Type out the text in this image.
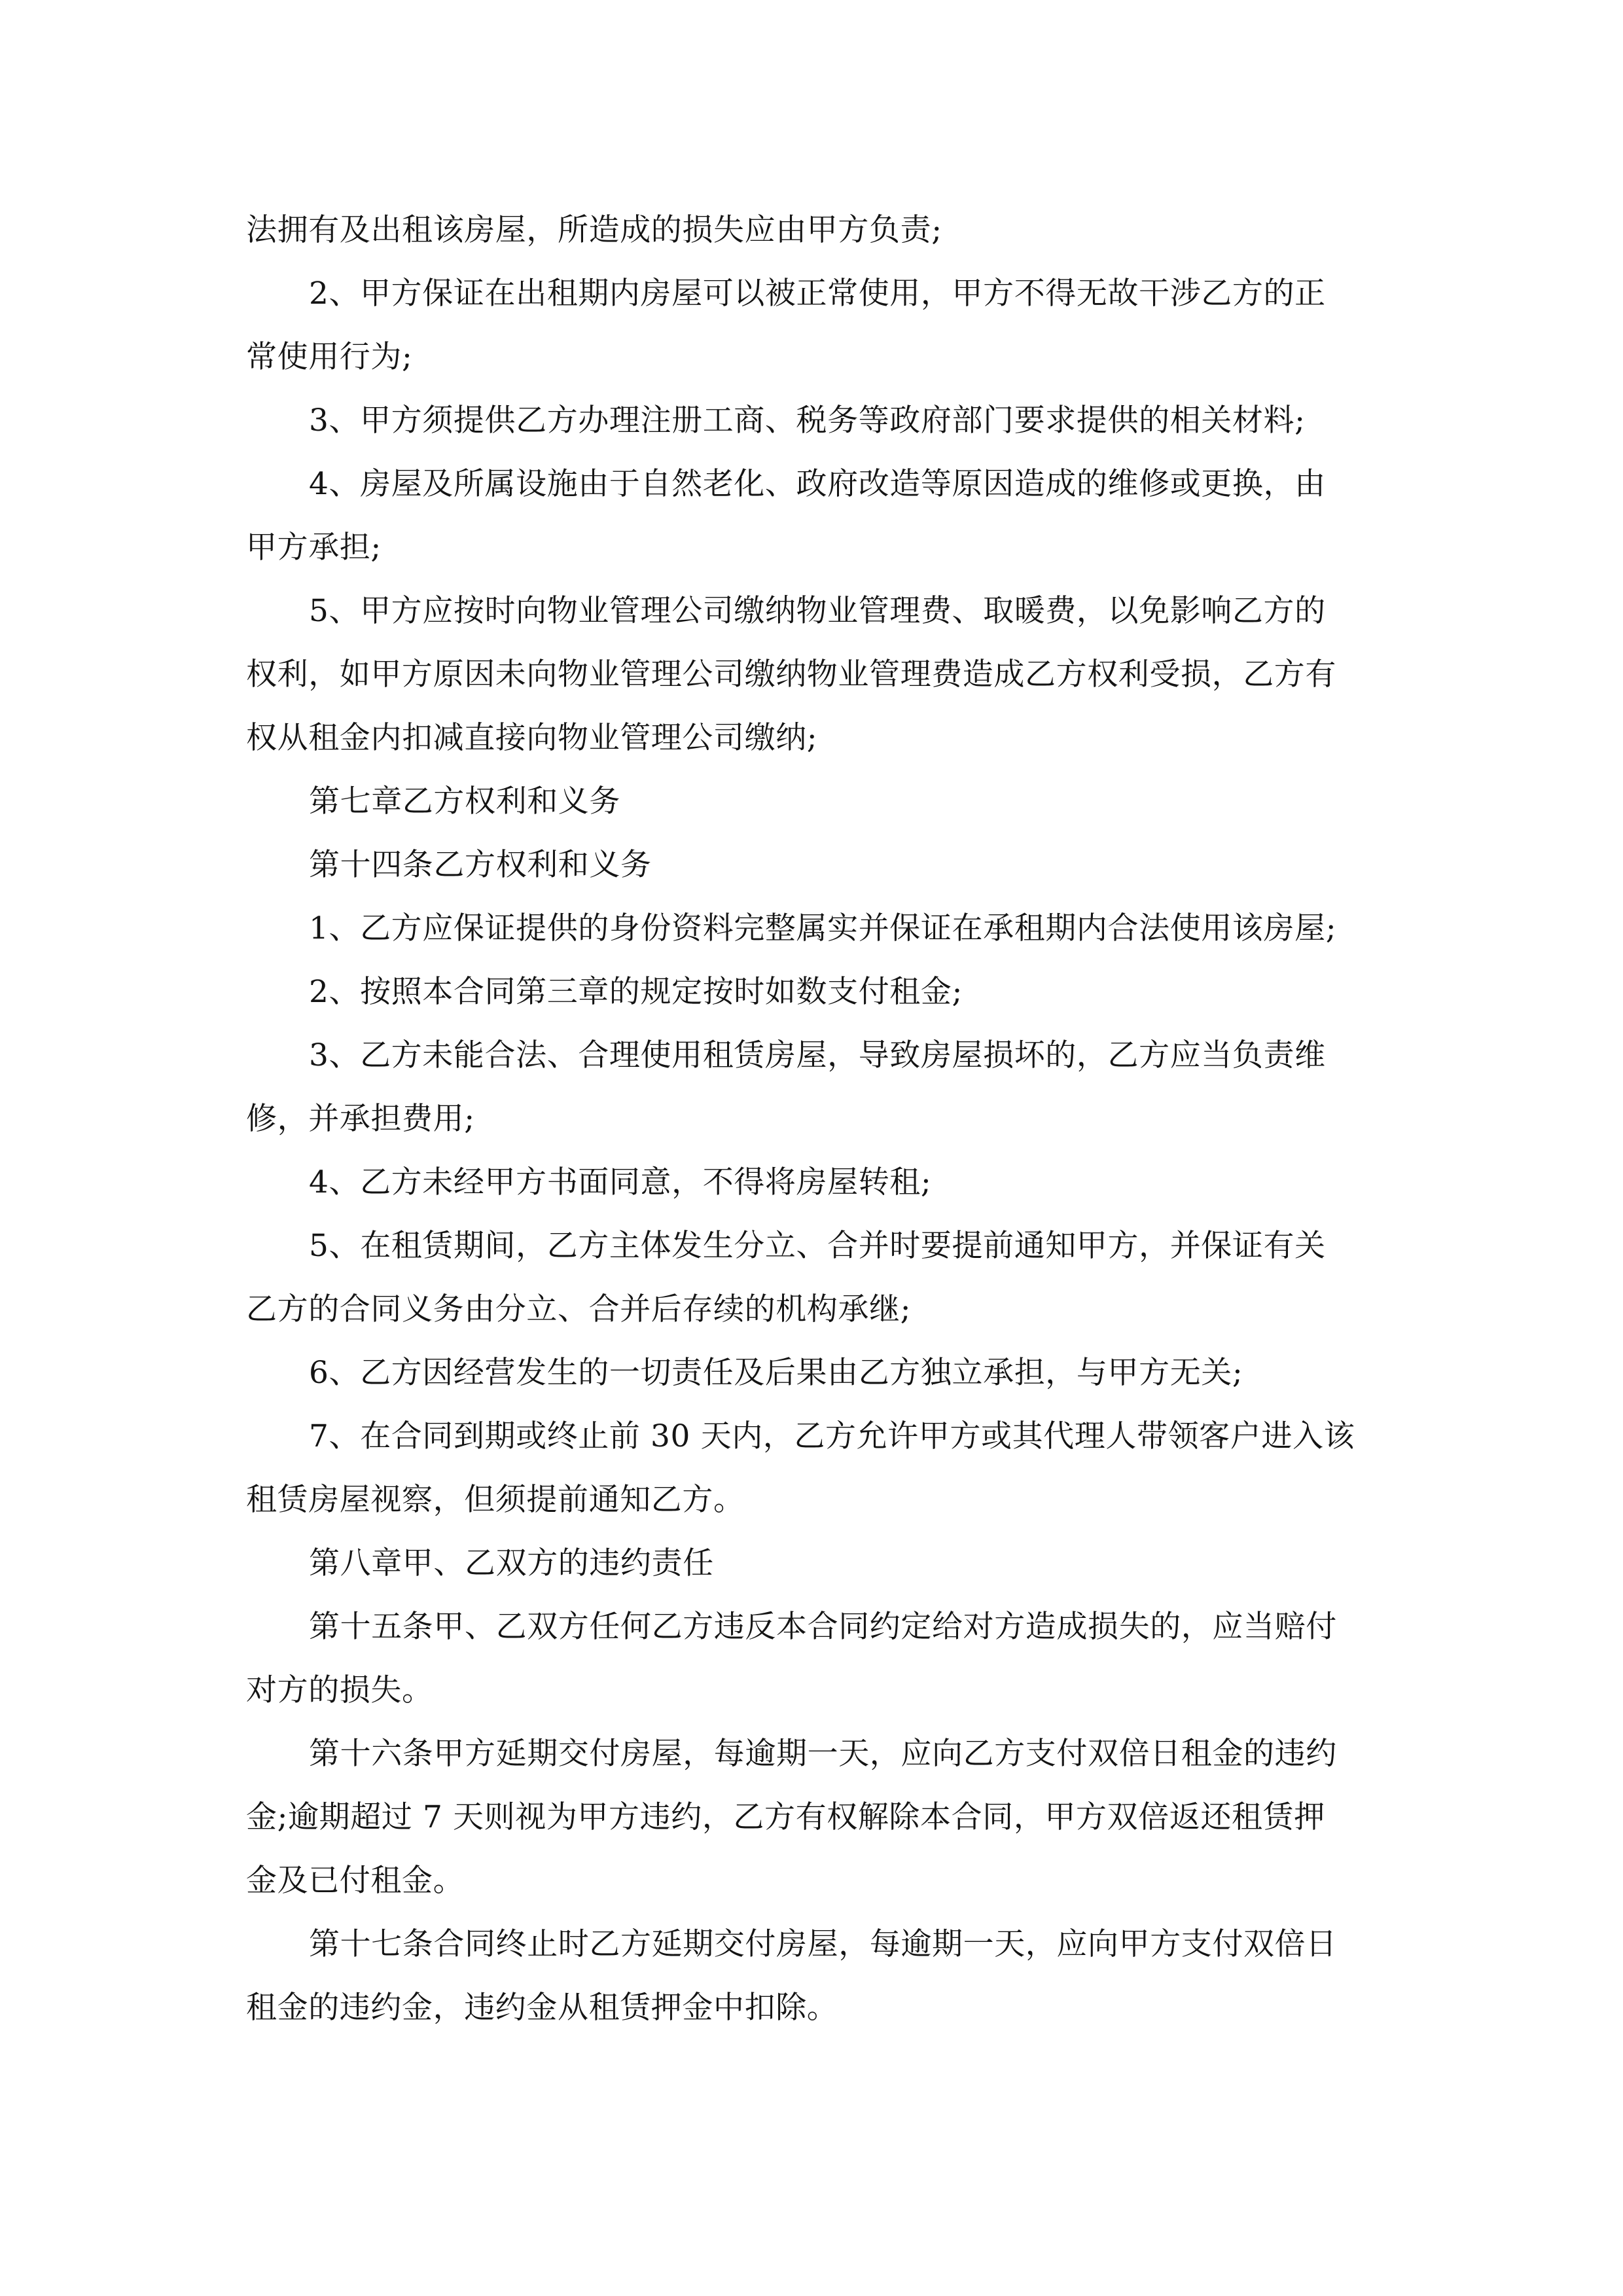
法拥有及出租该房屋，所造成的损失应由甲方负责;
2、甲方保证在出租期内房屋可以被正常使用，甲方不得无故干涉乙方的正
常使用行为;
3、甲方须提供乙方办理注册工商、税务等政府部门要求提供的相关材料;
4、房屋及所属设施由于自然老化、政府改造等原因造成的维修或更换，由
甲方承担;
5、甲方应按时向物业管理公司缴纳物业管理费、取暖费，以免影响乙方的
权利，如甲方原因未向物业管理公司缴纳物业管理费造成乙方权利受损，乙方有
权从租金内扣减直接向物业管理公司缴纳;
第七章乙方权利和义务
第十四条乙方权利和义务
1、乙方应保证提供的身份资料完整属实并保证在承租期内合法使用该房屋;
2、按照本合同第三章的规定按时如数支付租金;
3、乙方未能合法、合理使用租赁房屋，导致房屋损坏的，乙方应当负责维
修，并承担费用;
4、乙方未经甲方书面同意，不得将房屋转租;
5、在租赁期间，乙方主体发生分立、合并时要提前通知甲方，并保证有关
乙方的合同义务由分立、合并后存续的机构承继;
6、乙方因经营发生的一切责任及后果由乙方独立承担，与甲方无关;
7、在合同到期或终止前 30 天内，乙方允许甲方或其代理人带领客户进入该
租赁房屋视察，但须提前通知乙方。
第八章甲、乙双方的违约责任
第十五条甲、乙双方任何乙方违反本合同约定给对方造成损失的，应当赔付
对方的损失。
第十六条甲方延期交付房屋，每逾期一天，应向乙方支付双倍日租金的违约
金;逾期超过 7 天则视为甲方违约，乙方有权解除本合同，甲方双倍返还租赁押
金及已付租金。
第十七条合同终止时乙方延期交付房屋，每逾期一天，应向甲方支付双倍日
租金的违约金，违约金从租赁押金中扣除。
